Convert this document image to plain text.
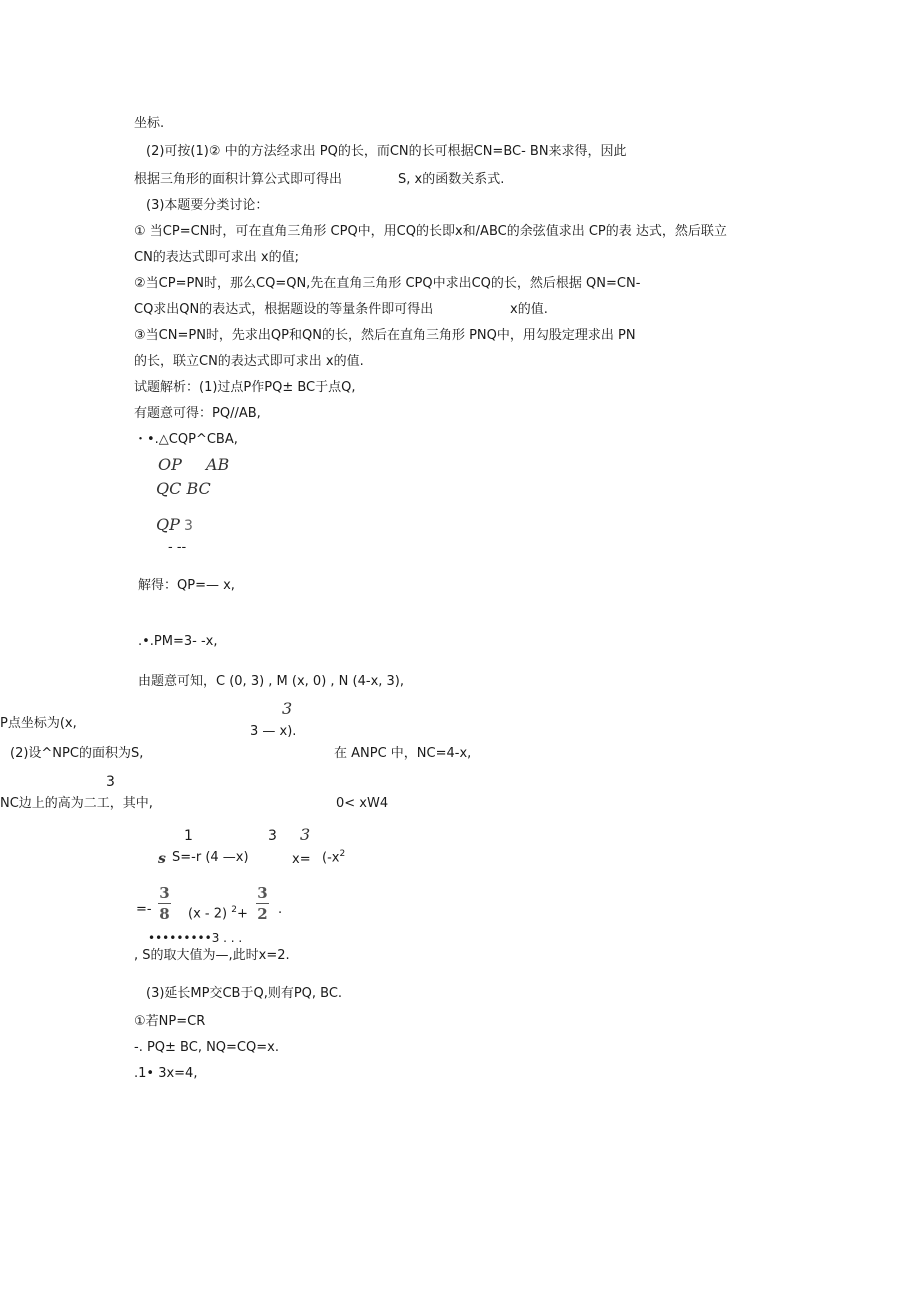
坐标.
(2)可按(1)② 中的方法经求出 PQ的长，而CN的长可根据CN=BC- BN来求得，因此
根据三角形的面积计算公式即可得出	S, x的函数关系式.
(3)本题要分类讨论：
① 当CP=CN时，可在直角三角形 CPQ中，用CQ的长即x和/ABC的余弦值求出 CP的表 达式，然后联立
CN的表达式即可求出 x的值;
②当CP=PN时，那么CQ=QN,先在直角三角形 CPQ中求出CQ的长，然后根据 QN=CN-
CQ求出QN的表达式，根据题设的等量条件即可得出	x的值.
③当CN=PN时，先求出QP和QN的长，然后在直角三角形 PNQ中，用勾股定理求出 PN
的长，联立CN的表达式即可求出 x的值.
试题解析：(1)过点P作PQ± BC于点Q,
有题意可得：PQ//AB,
・•.△CQP^CBA,
OP AB
QC BC
QP 3
- --
解得：QP=— x,
.•.PM=3- -x,
由题意可知，C (0, 3) , M (x, 0) , N (4-x, 3),
3
P点坐标为(x,
3 — x).
(2)设^NPC的面积为S,	在 ANPC 中，NC=4-x,
3
NC边上的高为二工，其中,	0< xW4
1	3 3
s S=-r (4 —x)	$x= (-x^2$
=-
3
8 (x - 2) $^2$+
3
2 .
•••••••••3 . . .
, S的取大值为—,此时x=2.
(3)延长MP交CB于Q,则有PQ, BC.
①若NP=CR
-. PQ± BC, NQ=CQ=x.
.1• 3x=4,
